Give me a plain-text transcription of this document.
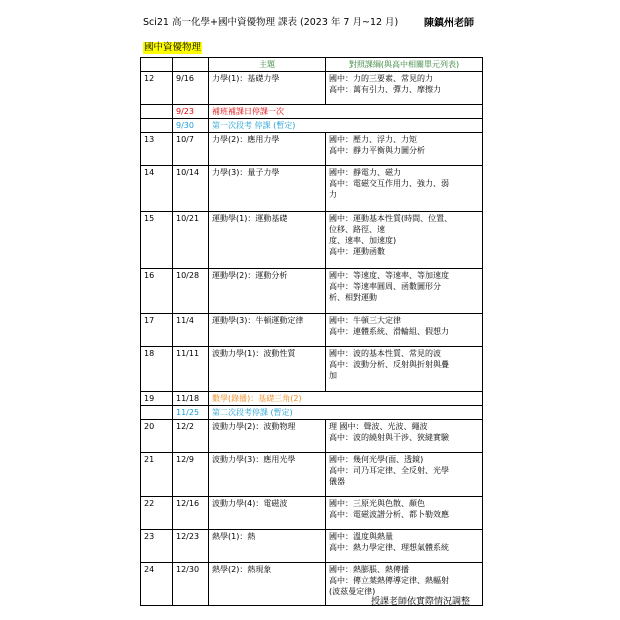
Sci21 高一化學+國中資優物理 課表 (2023 年 7 月~12 月)	陳鎮州老師
國中資優物理
		主題	對照課綱(與高中相關單元列表)
12	9/16	力學(1)：基礎力學	國中：力的三要素、常見的力
高中：萬有引力、彈力、摩擦力

	9/23	補班補課日停課一次	
	9/30	第一次段考 停課 (暫定)	
13	10/7	力學(2)：應用力學	國中：壓力、浮力、力矩
高中：靜力平衡與力圖分析

14	10/14	力學(3)：量子力學	國中：靜電力、磁力
高中：電磁交互作用力、強力、弱
力

15	10/21	運動學(1)：運動基礎	國中：運動基本性質(時間、位置、
位移、路徑、速
度、速率、加速度)
高中：運動函數

16	10/28	運動學(2)：運動分析	國中：等速度、等速率、等加速度
高中：等速率圓周、函數圖形分
析、相對運動

17	11/4	運動學(3)：牛頓運動定律	國中：牛頓三大定律
高中：連體系統、滑輪組、假想力

18	11/11	波動力學(1)：波動性質	國中：波的基本性質、常見的波
高中：波動分析、反射與折射與疊
加

19	11/18	數學(錄播)：基礎三角(2)	
	11/25	第二次段考停課 (暫定)	
20	12/2	波動力學(2)：波動物理	理 國中：聲波、光波、繩波
高中：波的繞射與干涉、狹縫實驗

21	12/9	波動力學(3)：應用光學	國中：幾何光學(面、透鏡)
高中：司乃耳定律、全反射、光學
儀器

22	12/16	波動力學(4)：電磁波	國中：三原光與色散、顏色
高中：電磁波譜分析、都卜勒效應

23	12/23	熱學(1)：熱	國中：溫度與熱量
高中：熱力學定律、理想氣體系統

24	12/30	熱學(2)：熱現象	國中：熱膨脹、熱傳播
高中：傳立葉熱傳導定律、熱輻射
(波茲曼定律)
授課老師依實際情況調整
